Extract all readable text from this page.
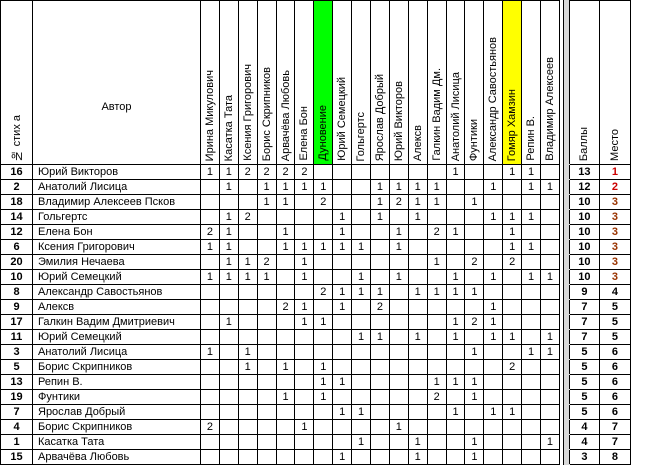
№ стих а	Автор	Ирина Микулович	Касатка Тата	Ксения Григорович	Борис Скрипников	Арвачёва Любовь	Елена Бон	Дуновение	Юрий Семецкий	Гольгертс	Ярослав Добрый	Юрий Викторов	Алексв	Галкин Вадим Дм.	Анатолий Лисица	Фунтики	Александр Савостьянов	Гомяр Хамзин	Репин В.	Владимир Алексеев			Баллы	Место

16	Юрий Викторов	1	1	2	2	2	2								1			1	1				13	1
2	Анатолий Лисица		1		1	1	1	1			1	1	1	1			1		1	1			12	2
18	Владимир Алексеев Псков				1	1		2			1	2	1	1		1							10	3
14	Гольгертс		1	2					1		1		1				1	1	1				10	3
12	Елена Бон	2	1			1			1			1		2	1			1					10	3
6	Ксения Григорович	1	1			1	1	1	1	1		1						1	1				10	3
20	Эмилия Нечаева		1	1	2		1							1		2		2					10	3
10	Юрий Семецкий	1	1	1	1		1			1		1			1		1		1	1			10	3
8	Александр Савостьянов							2	1	1	1		1	1	1	1							9	4
9	Алексв					2	1		1		2						1						7	5
17	Галкин Вадим Дмитриевич		1				1	1							1	2	1						7	5
11	Юрий Семецкий									1	1		1		1		1	1		1			7	5
3	Анатолий Лисица	1		1												1			1	1			5	6
5	Борис Скрипников			1		1		1										2					5	6
13	Репин В.							1	1					1	1	1							5	6
19	Фунтики					1		1						2		1							5	6
7	Ярослав Добрый								1	1					1		1	1					5	6
4	Борис Скрипников	2					1					1											4	7
1	Касатка Тата									1			1			1				1			4	7
15	Арвачёва Любовь								1				1			1							3	8
